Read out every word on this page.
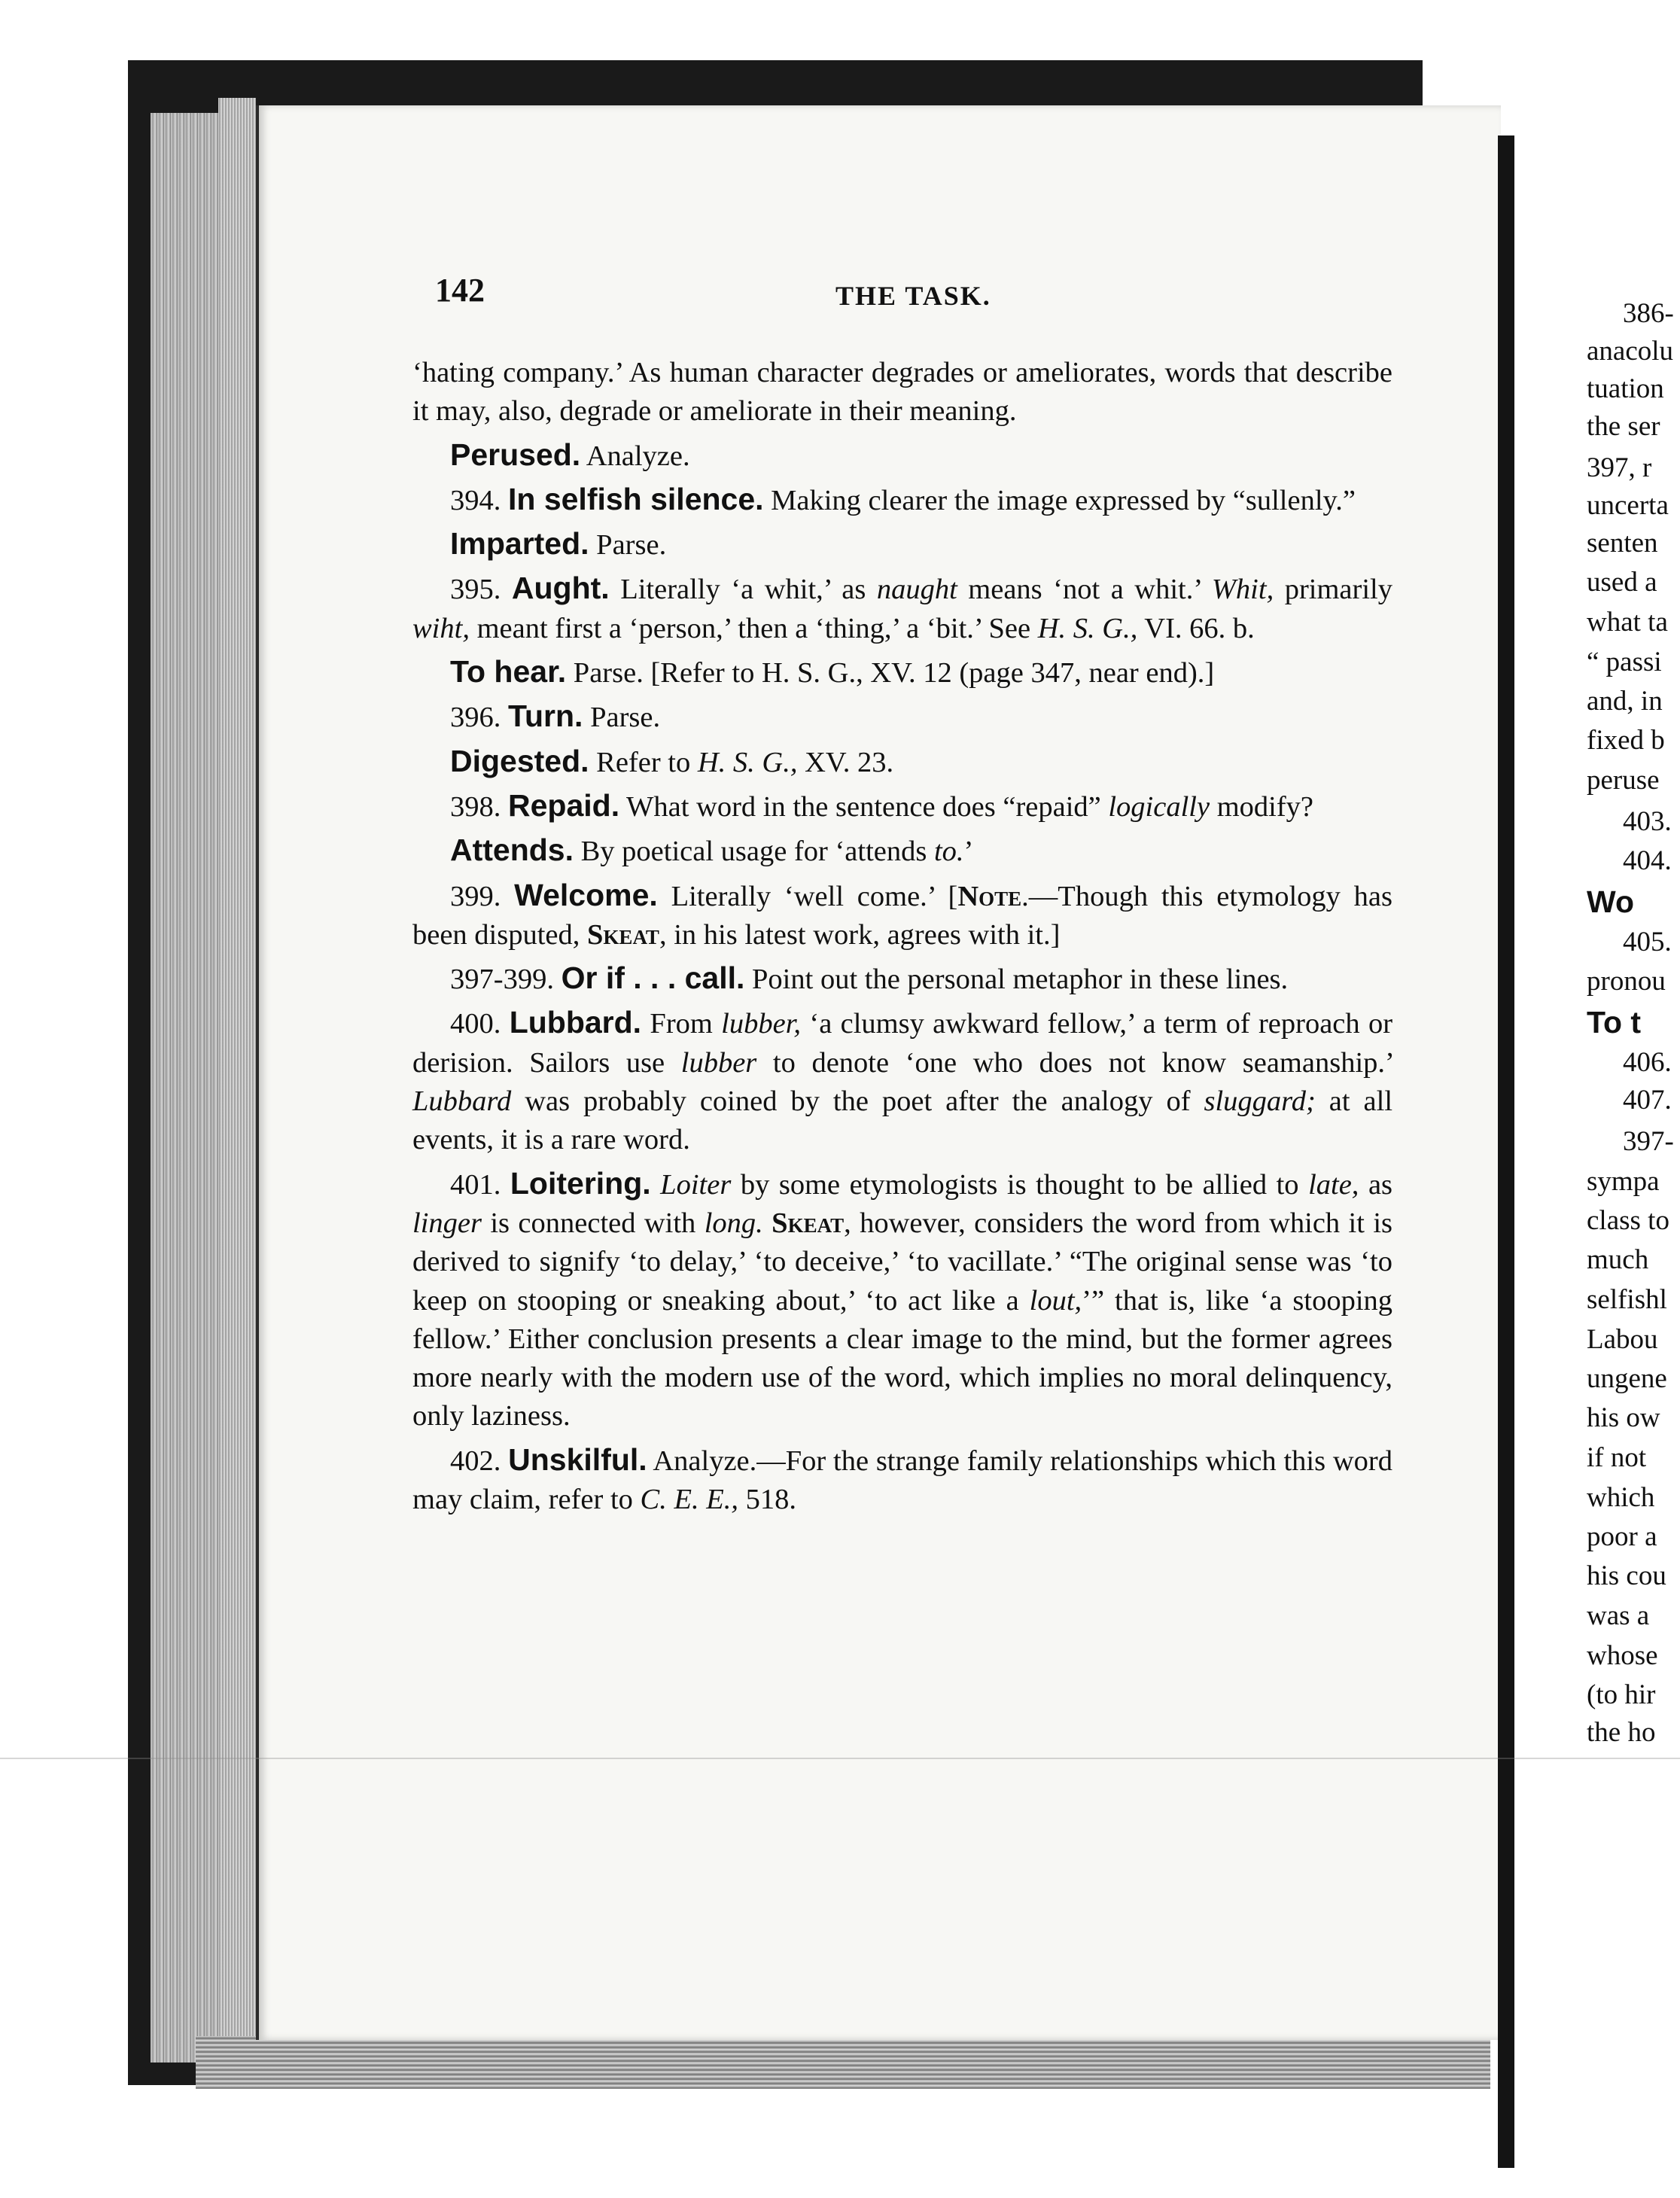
142	THE TASK.

‘hating company.’ As human character degrades or ameliorates, words that describe it may, also, degrade or ameliorate in their meaning.

Perused. Analyze.

394. In selfish silence. Making clearer the image expressed by “sullenly.”

Imparted. Parse.

395. Aught. Literally ‘a whit,’ as naught means ‘not a whit.’ Whit, primarily wiht, meant first a ‘person,’ then a ‘thing,’ a ‘bit.’ See H. S. G., VI. 66. b.

To hear. Parse. [Refer to H. S. G., XV. 12 (page 347, near end).]

396. Turn. Parse.

Digested. Refer to H. S. G., XV. 23.

398. Repaid. What word in the sentence does “repaid” logically modify?

Attends. By poetical usage for ‘attends to.’

399. Welcome. Literally ‘well come.’ [Note.—Though this etymology has been disputed, Skeat, in his latest work, agrees with it.]

397-399. Or if . . . call. Point out the personal metaphor in these lines.

400. Lubbard. From lubber, ‘a clumsy awkward fellow,’ a term of reproach or derision. Sailors use lubber to denote ‘one who does not know seamanship.’ Lubbard was probably coined by the poet after the analogy of sluggard; at all events, it is a rare word.

401. Loitering. Loiter by some etymologists is thought to be allied to late, as linger is connected with long. Skeat, however, considers the word from which it is derived to signify ‘to delay,’ ‘to deceive,’ ‘to vacillate.’ “The original sense was ‘to keep on stooping or sneaking about,’ ‘to act like a lout,’” that is, like ‘a stooping fellow.’ Either conclusion presents a clear image to the mind, but the former agrees more nearly with the modern use of the word, which implies no moral delinquency, only laziness.

402. Unskilful. Analyze.—For the strange family relationships which this word may claim, refer to C. E. E., 518.

386-
anacolu
tuation
the ser
397, r
uncerta
senten
used a
what ta
“ passi
and, in
fixed b
peruse
403.
404.
Wo
405.
pronou
To t
406.
407.
397-
sympa
class to
much
selfishl
Labou
ungene
his ow
if not
which
poor a
his cou
was a
whose
(to hir
the ho
